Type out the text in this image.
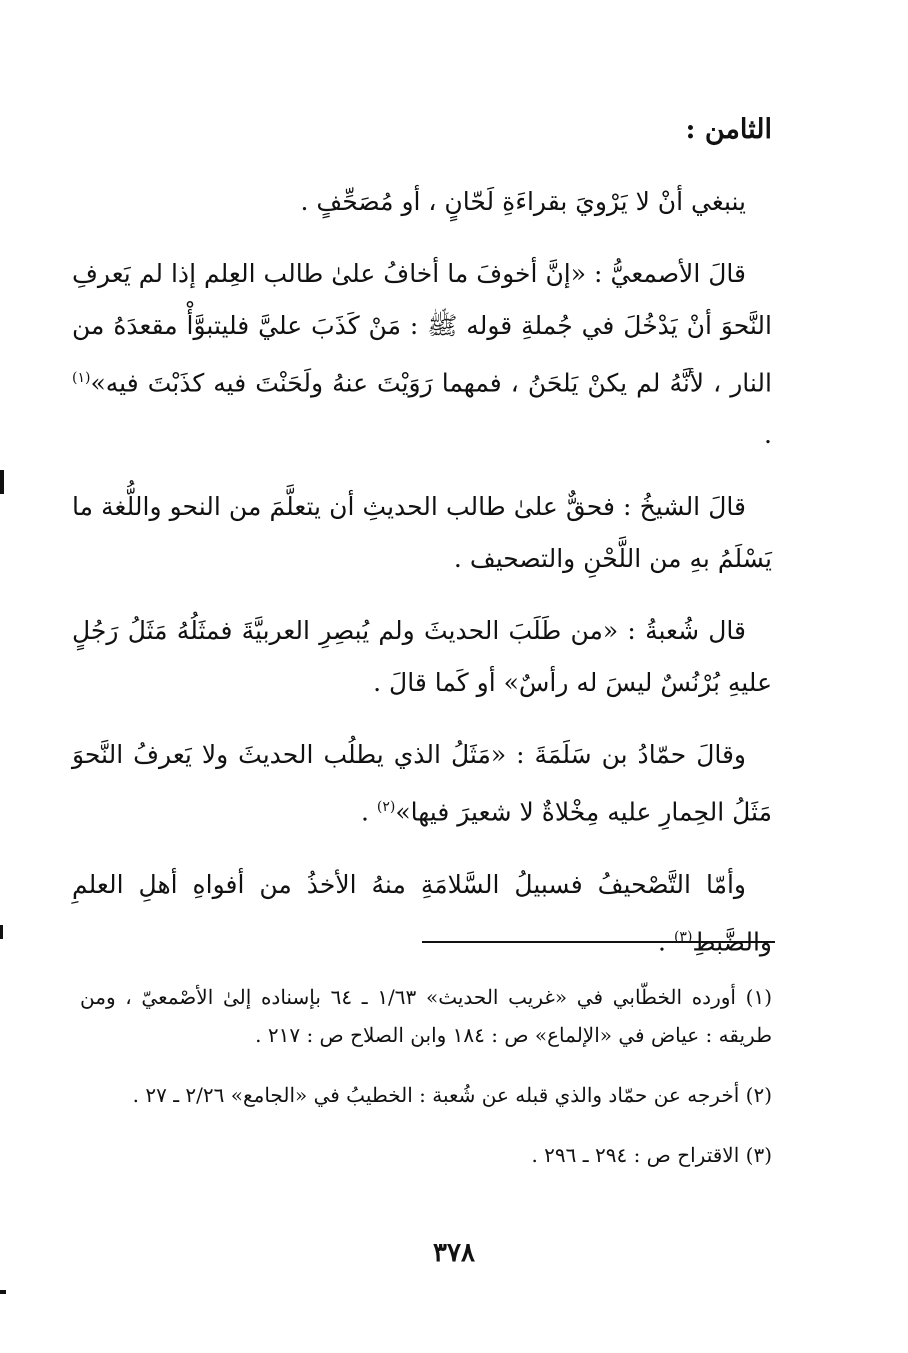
الثامن :

ينبغي أنْ لا يَرْويَ بقراءَةِ لَحّانٍ ، أو مُصَحِّفٍ .

قالَ الأصمعيُّ : «إنَّ أخوفَ ما أخافُ علىٰ طالب العِلم إذا لم يَعرفِ النَّحوَ أنْ يَدْخُلَ في جُملةِ قوله ﷺ : مَنْ كَذَبَ عليَّ فليتبوَّأْ مقعدَهُ من النار ، لأنَّهُ لم يكنْ يَلحَنُ ، فمهما رَوَيْتَ عنهُ ولَحَنْتَ فيه كذَبْتَ فيه»$^{(١)}$ .

قالَ الشيخُ : فحقٌّ علىٰ طالب الحديثِ أن يتعلَّمَ من النحو واللُّغة ما يَسْلَمُ بهِ من اللَّحْنِ والتصحيف .

قال شُعبةُ : «من طَلَبَ الحديثَ ولم يُبصِرِ العربيَّةَ فمثَلُهُ مَثَلُ رَجُلٍ عليهِ بُرْنُسٌ ليسَ له رأسٌ» أو كَما قالَ .

وقالَ حمّادُ بن سَلَمَةَ : «مَثَلُ الذي يطلُب الحديثَ ولا يَعرفُ النَّحوَ مَثَلُ الحِمارِ عليه مِخْلاةٌ لا شعيرَ فيها»$^{(٢)}$ .

وأمّا التَّصْحيفُ فسبيلُ السَّلامَةِ منهُ الأخذُ من أفواهِ أهلِ العلمِ والضَّبطِ$^{(٣)}$ .

(١) أورده الخطّابي في «غريب الحديث» ١/٦٣ ـ ٦٤ بإسناده إلىٰ الأصْمعيّ ، ومن طريقه : عياض في «الإلماع» ص : ١٨٤ وابن الصلاح ص : ٢١٧ .

(٢) أخرجه عن حمّاد والذي قبله عن شُعبة : الخطيبُ في «الجامع» ٢/٢٦ ـ ٢٧ .

(٣) الاقتراح ص : ٢٩٤ ـ ٢٩٦ .

٣٧٨
